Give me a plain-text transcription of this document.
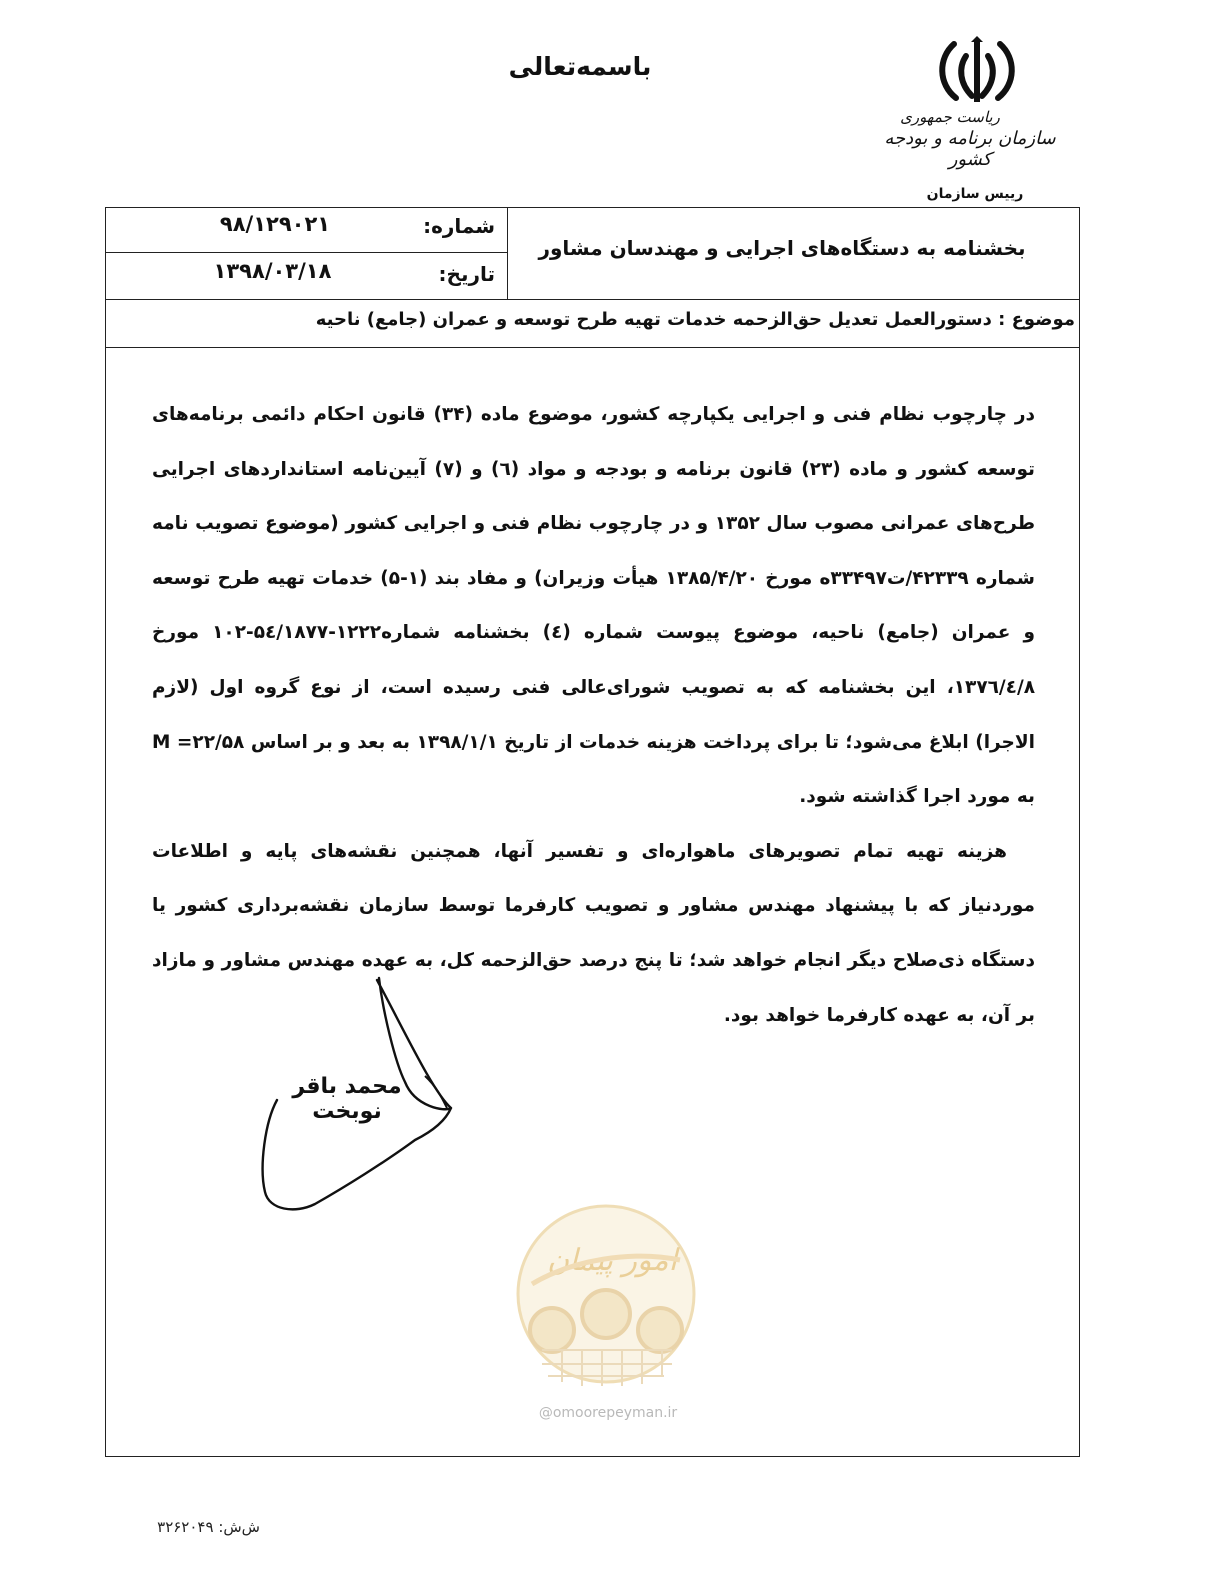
باسمه‌تعالی
ریاست جمهوری
سازمان برنامه و بودجه کشور
رییس سازمان
شماره:
۹۸/۱۲۹۰۲۱
تاریخ:
۱۳۹۸/۰۳/۱۸
بخشنامه به دستگاه‌های اجرایی و مهندسان مشاور
موضوع : دستورالعمل تعدیل حق‌الزحمه خدمات تهیه طرح توسعه و عمران (جامع) ناحیه

در چارچوب نظام فنی و اجرایی یکپارچه کشور، موضوع ماده (۳۴) قانون احکام دائمی برنامه‌های توسعه کشور و ماده (۲۳) قانون برنامه و بودجه و مواد (٦) و (۷) آیین‌نامه استانداردهای اجرایی طرح‌های عمرانی مصوب سال ۱۳۵۲ و در چارچوب نظام فنی و اجرایی کشور (موضوع تصویب نامه شماره ۴۲۳۳۹/ت۳۳۴۹۷ه مورخ ۱۳۸۵/۴/۲۰ هیأت وزیران) و مفاد بند (۱-۵) خدمات تهیه طرح توسعه و عمران (جامع) ناحیه، موضوع پیوست شماره (٤) بخشنامه شماره۱۲۲۲-۵٤/۱۸۷۷-۱۰۲ مورخ ۱۳۷٦/٤/۸، این بخشنامه که به تصویب شورای‌عالی فنی رسیده است، از نوع گروه اول (لازم الاجرا) ابلاغ می‌شود؛ تا برای پرداخت هزینه خدمات از تاریخ ۱۳۹۸/۱/۱ به بعد و بر اساس M =۲۲/۵۸ به مورد اجرا گذاشته شود.

هزینه تهیه تمام تصویرهای ماهواره‌ای و تفسیر آنها، همچنین نقشه‌های پایه و اطلاعات موردنیاز که با پیشنهاد مهندس مشاور و تصویب کارفرما توسط سازمان نقشه‌برداری کشور یا دستگاه ذی‌صلاح دیگر انجام خواهد شد؛ تا پنج درصد حق‌الزحمه کل، به عهده مهندس مشاور و مازاد بر آن، به عهده کارفرما خواهد بود.

محمد باقر نوبخت
امور پیمان
@omoorepeyman.ir
ش‌ش: ۳۲۶۲۰۴۹
